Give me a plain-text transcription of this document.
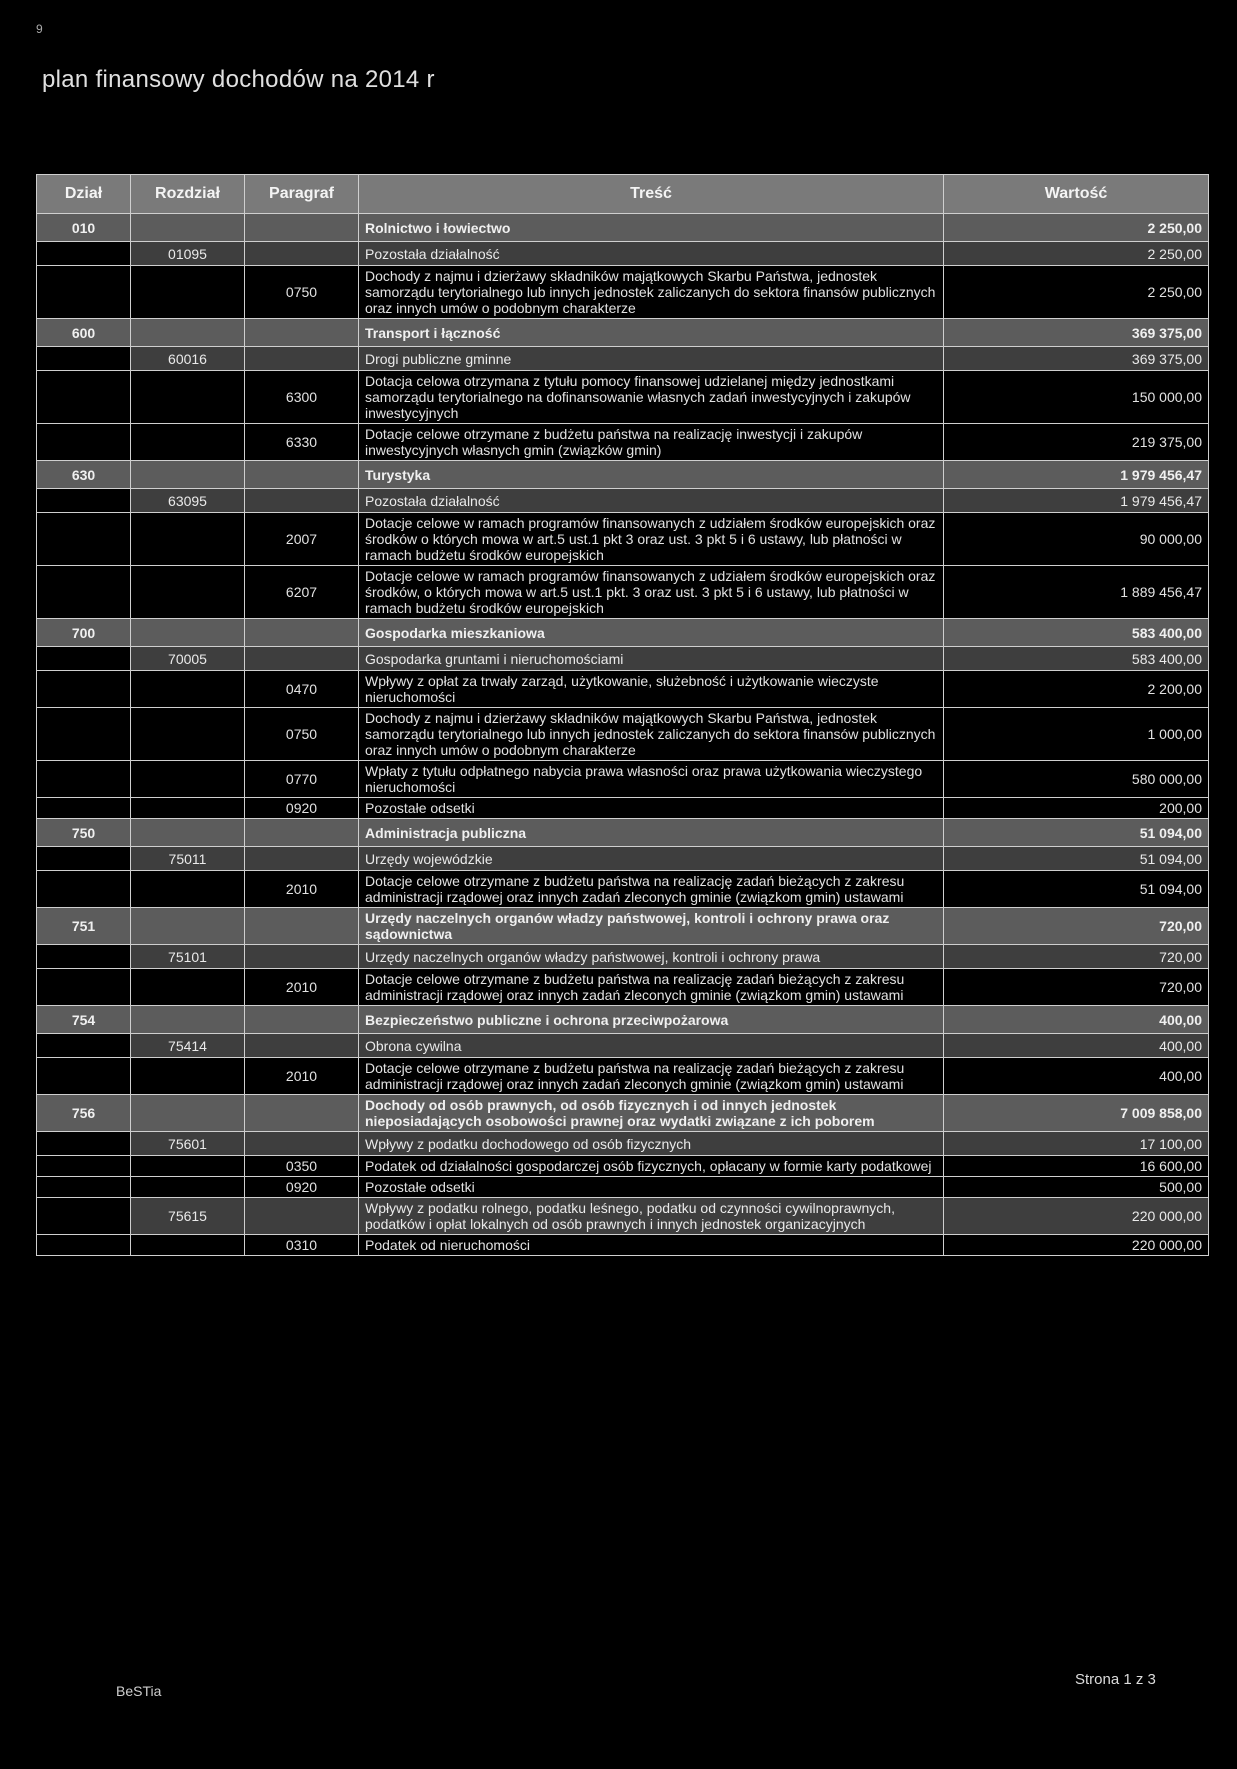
9
plan finansowy dochodów na 2014 r
Dział	Rozdział	Paragraf	Treść	Wartość
010			Rolnictwo i łowiectwo	2 250,00
	01095		Pozostała działalność	2 250,00
		0750	Dochody z najmu i dzierżawy składników majątkowych Skarbu Państwa, jednostek samorządu terytorialnego lub innych jednostek zaliczanych do sektora finansów publicznych oraz innych umów o podobnym charakterze	2 250,00
600			Transport i łączność	369 375,00
	60016		Drogi publiczne gminne	369 375,00
		6300	Dotacja celowa otrzymana z tytułu pomocy finansowej udzielanej między jednostkami samorządu terytorialnego na dofinansowanie własnych zadań inwestycyjnych i zakupów inwestycyjnych	150 000,00
		6330	Dotacje celowe otrzymane z budżetu państwa na realizację inwestycji i zakupów inwestycyjnych własnych gmin (związków gmin)	219 375,00
630			Turystyka	1 979 456,47
	63095		Pozostała działalność	1 979 456,47
		2007	Dotacje celowe w ramach programów finansowanych z udziałem środków europejskich oraz środków o których mowa w art.5 ust.1 pkt 3 oraz ust. 3 pkt 5 i 6 ustawy, lub płatności w ramach budżetu środków europejskich	90 000,00
		6207	Dotacje celowe w ramach programów finansowanych z udziałem środków europejskich oraz środków, o których mowa w art.5 ust.1 pkt. 3 oraz ust. 3 pkt 5 i 6 ustawy, lub płatności w ramach budżetu środków europejskich	1 889 456,47
700			Gospodarka mieszkaniowa	583 400,00
	70005		Gospodarka gruntami i nieruchomościami	583 400,00
		0470	Wpływy z opłat za trwały zarząd, użytkowanie, służebność i użytkowanie wieczyste nieruchomości	2 200,00
		0750	Dochody z najmu i dzierżawy składników majątkowych Skarbu Państwa, jednostek samorządu terytorialnego lub innych jednostek zaliczanych do sektora finansów publicznych oraz innych umów o podobnym charakterze	1 000,00
		0770	Wpłaty z tytułu odpłatnego nabycia prawa własności oraz prawa użytkowania wieczystego nieruchomości	580 000,00
		0920	Pozostałe odsetki	200,00
750			Administracja publiczna	51 094,00
	75011		Urzędy wojewódzkie	51 094,00
		2010	Dotacje celowe otrzymane z budżetu państwa na realizację zadań bieżących z zakresu administracji rządowej oraz innych zadań zleconych gminie (związkom gmin) ustawami	51 094,00
751			Urzędy naczelnych organów władzy państwowej, kontroli i ochrony prawa oraz sądownictwa	720,00
	75101		Urzędy naczelnych organów władzy państwowej, kontroli i ochrony prawa	720,00
		2010	Dotacje celowe otrzymane z budżetu państwa na realizację zadań bieżących z zakresu administracji rządowej oraz innych zadań zleconych gminie (związkom gmin) ustawami	720,00
754			Bezpieczeństwo publiczne i ochrona przeciwpożarowa	400,00
	75414		Obrona cywilna	400,00
		2010	Dotacje celowe otrzymane z budżetu państwa na realizację zadań bieżących z zakresu administracji rządowej oraz innych zadań zleconych gminie (związkom gmin) ustawami	400,00
756			Dochody od osób prawnych, od osób fizycznych i od innych jednostek nieposiadających osobowości prawnej oraz wydatki związane z ich poborem	7 009 858,00
	75601		Wpływy z podatku dochodowego od osób fizycznych	17 100,00
		0350	Podatek od działalności gospodarczej osób fizycznych, opłacany w formie karty podatkowej	16 600,00
		0920	Pozostałe odsetki	500,00
	75615		Wpływy z podatku rolnego, podatku leśnego, podatku od czynności cywilnoprawnych, podatków i opłat lokalnych od osób prawnych i innych jednostek organizacyjnych	220 000,00
		0310	Podatek od nieruchomości	220 000,00
BeSTia
Strona 1 z 3
